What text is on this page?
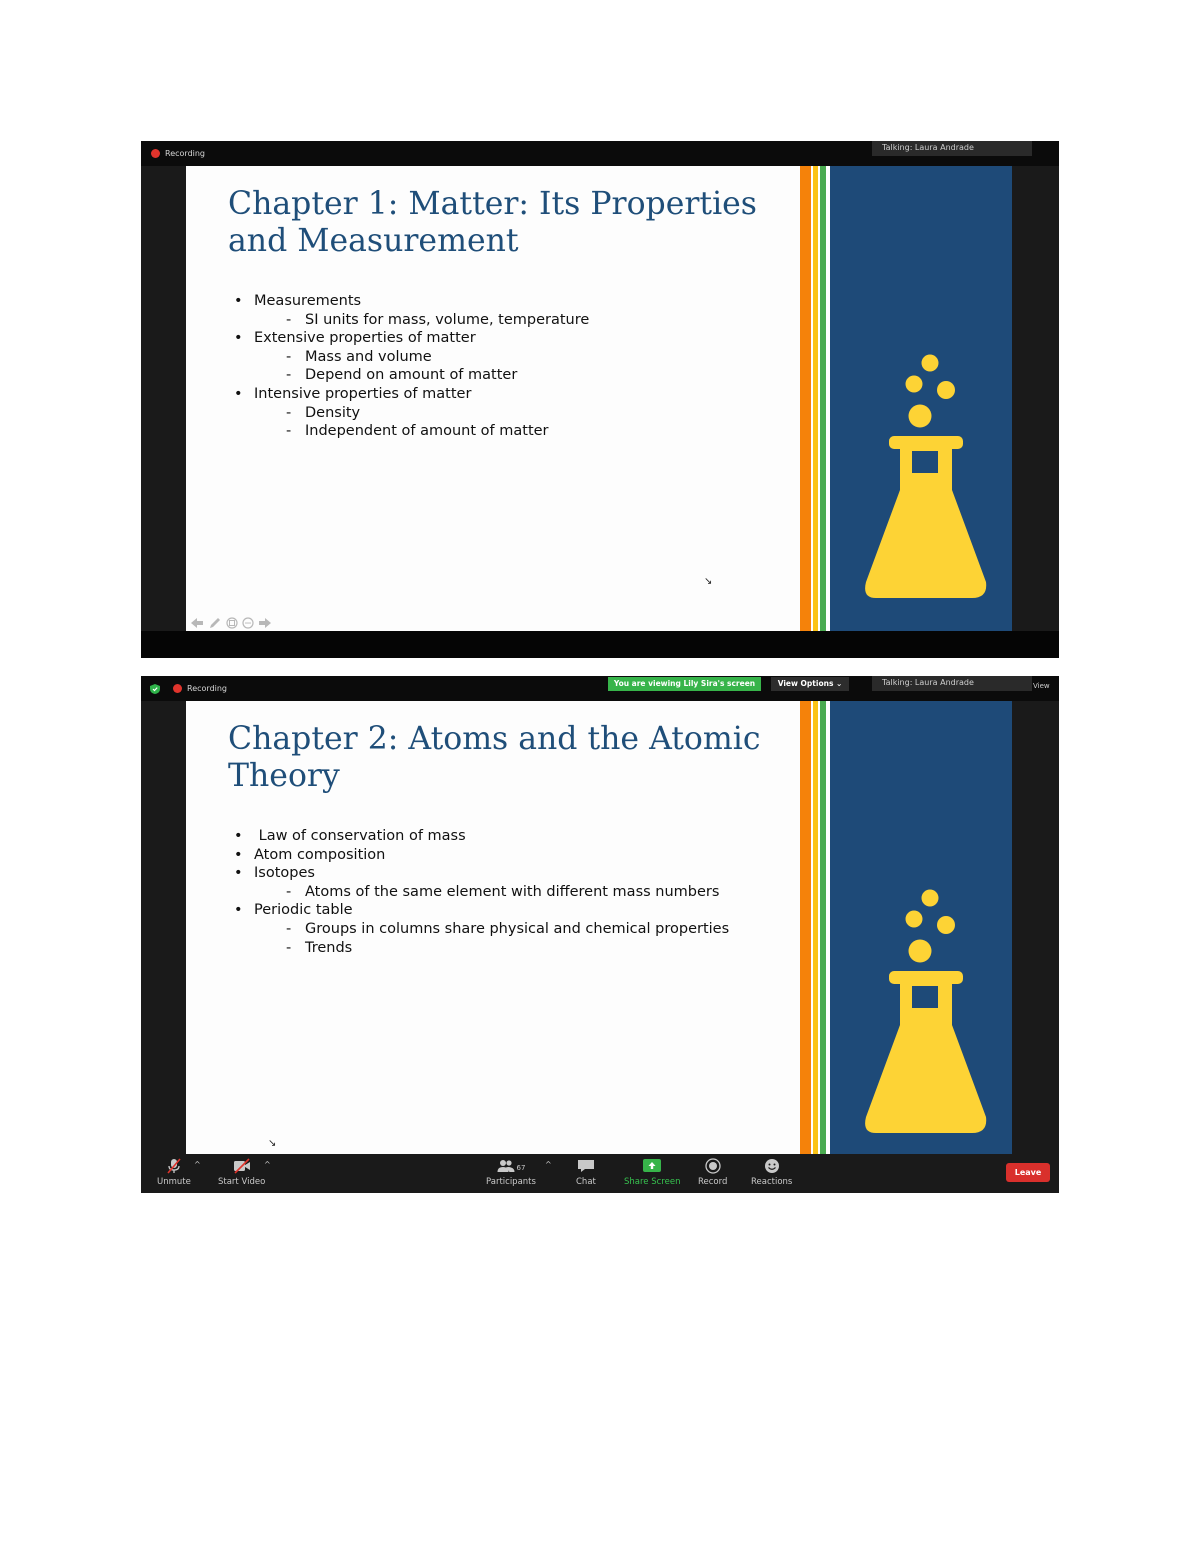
Recording
Talking: Laura Andrade
Chapter 1: Matter: Its Properties and Measurement
• Measurements
- SI units for mass, volume, temperature
• Extensive properties of matter
- Mass and volume
- Depend on amount of matter
• Intensive properties of matter
- Density
- Independent of amount of matter
↘
Recording
You are viewing Lily Sira's screen	View Options ⌄	Talking: Laura Andrade	View
Chapter 2: Atoms and the Atomic Theory
•  Law of conservation of mass
• Atom composition
• Isotopes
- Atoms of the same element with different mass numbers
• Periodic table
- Groups in columns share physical and chemical properties
- Trends
↘
Unmute
^
Start Video
^	67
Participants
^
Chat	Share Screen Record	Reactions
Leave
